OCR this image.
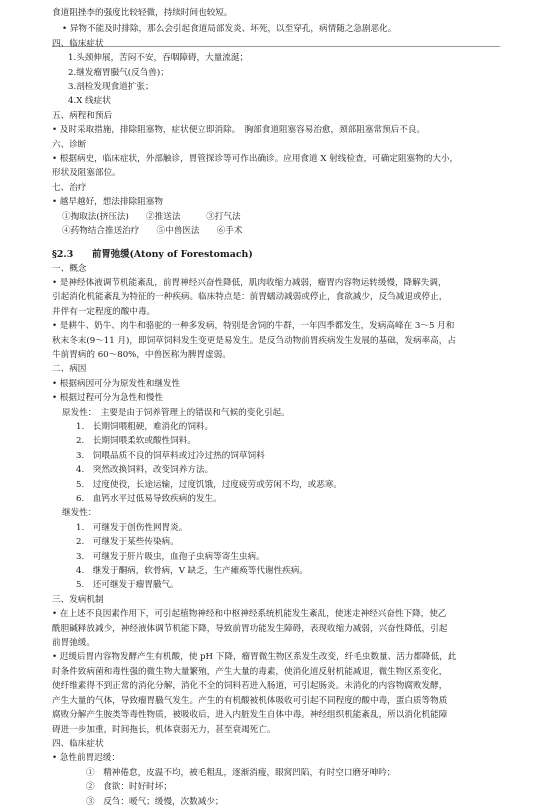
食道阻挫李的强度比较轻微，持续时间也较短。
• 异物不能及时排除，那么会引起食道局部发炎、坏死，以至穿孔，病情随之急剧恶化。
四、临床症状
1.头颈伸展，苦闷不安，吞咽障碍，大量流涎；
2.继发瘤胃臌气(反刍兽)；
3.剖检发现食道扩张；
4.X 线症状
五、病程和预后
• 及时采取措施，排除阻塞物，症状便立即消除。　胸部食道阻塞容易治愈，颈部阻塞常预后不良。
六、诊断
• 根据病史，临床症状，外部触诊，胃管探诊等可作出确诊。应用食道 X 射线检查，可确定阻塞物的大小，
形状及阻塞部位。
七、治疗
• 越早越好，想法排除阻塞物
①掏取法(挤压法)　　②推送法　　　③打气法
④药物结合推送治疗　　⑤中兽医法　　⑥手术
§2.3　　前胃弛缓(Atony of Forestomach)
一、概念
• 是神经体液调节机能紊乱，前胃神经兴奋性降低，肌肉收缩力减弱，瘤胃内容物运转缓慢，降解失调，
引起消化机能紊乱为特征的一种疾病。临床特点是：前胃蠕动减弱或停止，食欲减少，反刍减退或停止，
并伴有一定程度的酸中毒。
• 是耕牛、奶牛、肉牛和骆驼的一种多发病，特别是舍饲的牛群，一年四季都发生，发病高峰在 3～5 月和
秋末冬末(9～11 月)，即饲草饲料发生变更是易发生。是反刍动物前胃疾病发生发展的基础，发病率高，占
牛前胃病的 60～80%，中兽医称为脾胃虚弱。
二、病因
• 根据病因可分为原发性和继发性
• 根据过程可分为急性和慢性
原发性：　主要是由于饲养管理上的错误和气候的变化引起。
1.　长期饲喂粗硬，难消化的饲料。
2.　长期饲喂柔软或酸性饲料。
3.　饲喂品质不良的饲草料或过冷过热的饲草饲料
4.　突然改换饲料，改变饲养方法。
5.　过度使役，长途运输，过度饥饿，过度疲劳或劳闲不均，或恶寒。
6.　血钙水平过低易导致疾病的发生。
继发性：
1.　可继发于创伤性网胃炎。
2.　可继发于某些传染病。
3.　可继发于肝片吸虫，血孢子虫病等寄生虫病。
4.　继发于酮病，软骨病，V 缺乏，生产瘫痪等代谢性疾病。
5.　还可继发于瘤胃臌气。
三、发病机制
• 在上述不良因素作用下，可引起植物神经和中枢神经系统机能发生紊乱，使迷走神经兴奋性下降，使乙
酰胆碱释放减少，神经液体调节机能下降，导致前胃功能发生障碍，表现收缩力减弱，兴奋性降低，引起
前胃弛缓。
• 迟缓后胃内容物发酵产生有机酸，使 pH 下降，瘤胃微生物区系发生改变，纤毛虫数量、活力都降低，此
时条件致病菌和毒性强的微生物大量繁殖，产生大量的毒素，使消化道反射机能减退，微生物区系变化，
使纤维素得不到正常的消化分解，消化不全的饲料若进入肠道，可引起肠炎。未消化的内容物腐败发酵，
产生大量的气体，导致瘤胃臌气发生。产生的有机酸被机体吸收可引起不同程度的酸中毒，蛋白质等物质
腐败分解产生胺类等毒性物质，被吸收后，进入内脏发生自体中毒。神经组织机能紊乱，所以消化机能障
碍进一步加重，时间拖长，机体衰弱无力，甚至衰竭死亡。
四、临床症状
• 急性前胃迟缓：
①　精神倦怠，皮温不均，被毛粗乱，逐渐消瘦，眼窝凹陷，有时空口磨牙呻吟；
②　食欲：时好时坏；
③　反刍：嗳气；缓慢，次数减少；
